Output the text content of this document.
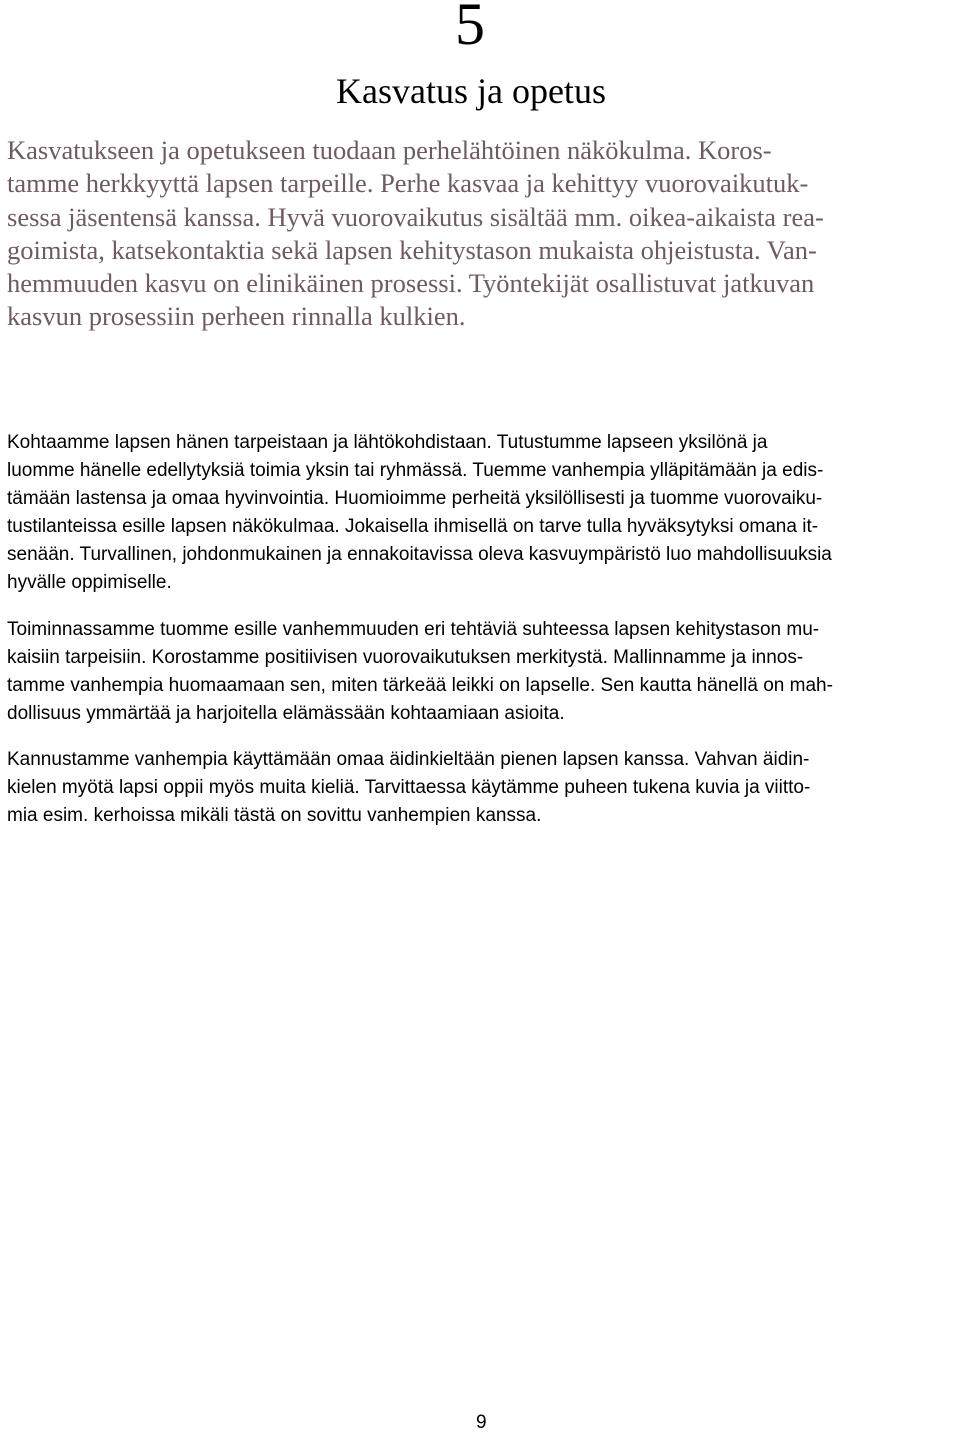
5
Kasvatus ja opetus

Kasvatukseen ja opetukseen tuodaan perhelähtöinen näkökulma. Koros-
tamme herkkyyttä lapsen tarpeille. Perhe kasvaa ja kehittyy vuorovaikutuk-
sessa jäsentensä kanssa. Hyvä vuorovaikutus sisältää mm. oikea-aikaista rea-
goimista, katsekontaktia sekä lapsen kehitystason mukaista ohjeistusta. Van-
hemmuuden kasvu on elinikäinen prosessi. Työntekijät osallistuvat jatkuvan
kasvun prosessiin perheen rinnalla kulkien.

Kohtaamme lapsen hänen tarpeistaan ja lähtökohdistaan. Tutustumme lapseen yksilönä ja
luomme hänelle edellytyksiä toimia yksin tai ryhmässä. Tuemme vanhempia ylläpitämään ja edis-
tämään lastensa ja omaa hyvinvointia. Huomioimme perheitä yksilöllisesti ja tuomme vuorovaiku-
tustilanteissa esille lapsen näkökulmaa. Jokaisella ihmisellä on tarve tulla hyväksytyksi omana it-
senään. Turvallinen, johdonmukainen ja ennakoitavissa oleva kasvuympäristö luo mahdollisuuksia
hyvälle oppimiselle.

Toiminnassamme tuomme esille vanhemmuuden eri tehtäviä suhteessa lapsen kehitystason mu-
kaisiin tarpeisiin. Korostamme positiivisen vuorovaikutuksen merkitystä. Mallinnamme ja innos-
tamme vanhempia huomaamaan sen, miten tärkeää leikki on lapselle. Sen kautta hänellä on mah-
dollisuus ymmärtää ja harjoitella elämässään kohtaamiaan asioita.

Kannustamme vanhempia käyttämään omaa äidinkieltään pienen lapsen kanssa. Vahvan äidin-
kielen myötä lapsi oppii myös muita kieliä. Tarvittaessa käytämme puheen tukena kuvia ja viitto-
mia esim. kerhoissa mikäli tästä on sovittu vanhempien kanssa.

9
